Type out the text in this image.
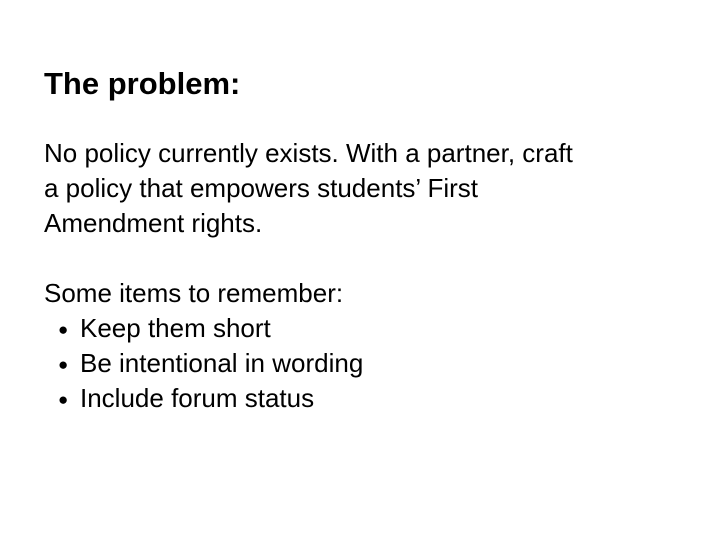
The problem:

No policy currently exists. With a partner, craft
a policy that empowers students’ First
Amendment rights.

Some items to remember:
● Keep them short
● Be intentional in wording
● Include forum status
